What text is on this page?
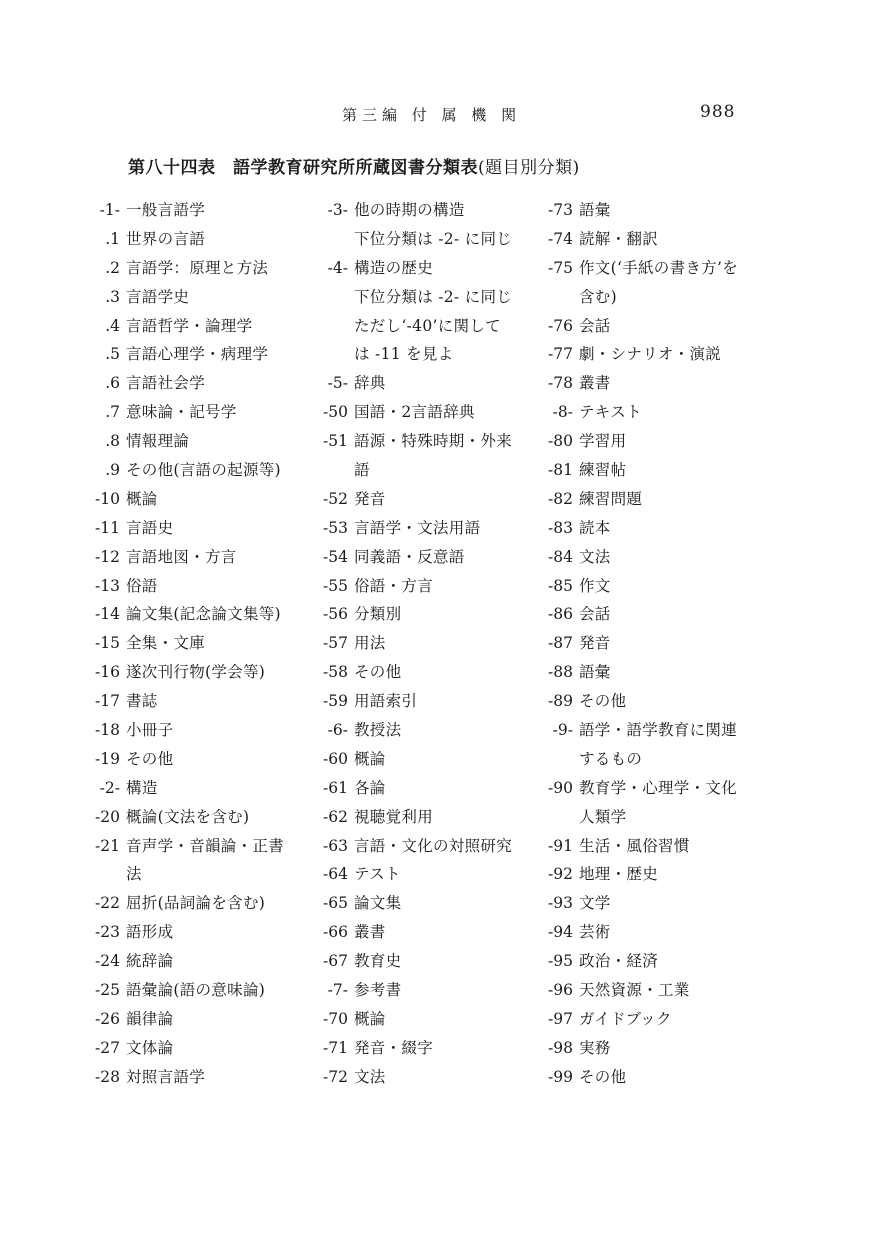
第三編 付 属 機 関	988
第八十四表　語学教育研究所所蔵図書分類表(題目別分類)
-1- 一般言語学
.1 世界の言語
.2 言語学：原理と方法
.3 言語学史
.4 言語哲学・論理学
.5 言語心理学・病理学
.6 言語社会学
.7 意味論・記号学
.8 情報理論
.9 その他(言語の起源等)
-10 概論
-11 言語史
-12 言語地図・方言
-13 俗語
-14 論文集(記念論文集等)
-15 全集・文庫
-16 遂次刊行物(学会等)
-17 書誌
-18 小冊子
-19 その他
-2- 構造
-20 概論(文法を含む)
-21 音声学・音韻論・正書
法
-22 屈折(品詞論を含む)
-23 語形成
-24 統辞論
-25 語彙論(語の意味論)
-26 韻律論
-27 文体論
-28 対照言語学
-3- 他の時期の構造
下位分類は -2- に同じ
-4- 構造の歴史
下位分類は -2- に同じ
ただし‘-40’に関して
は -11 を見よ
-5- 辞典
-50 国語・2言語辞典
-51 語源・特殊時期・外来
語
-52 発音
-53 言語学・文法用語
-54 同義語・反意語
-55 俗語・方言
-56 分類別
-57 用法
-58 その他
-59 用語索引
-6- 教授法
-60 概論
-61 各論
-62 視聴覚利用
-63 言語・文化の対照研究
-64 テスト
-65 論文集
-66 叢書
-67 教育史
-7- 参考書
-70 概論
-71 発音・綴字
-72 文法
-73 語彙
-74 読解・翻訳
-75 作文(‘手紙の書き方’を
含む)
-76 会話
-77 劇・シナリオ・演説
-78 叢書
-8- テキスト
-80 学習用
-81 練習帖
-82 練習問題
-83 読本
-84 文法
-85 作文
-86 会話
-87 発音
-88 語彙
-89 その他
-9- 語学・語学教育に関連
するもの
-90 教育学・心理学・文化
人類学
-91 生活・風俗習慣
-92 地理・歴史
-93 文学
-94 芸術
-95 政治・経済
-96 天然資源・工業
-97 ガイドブック
-98 実務
-99 その他
